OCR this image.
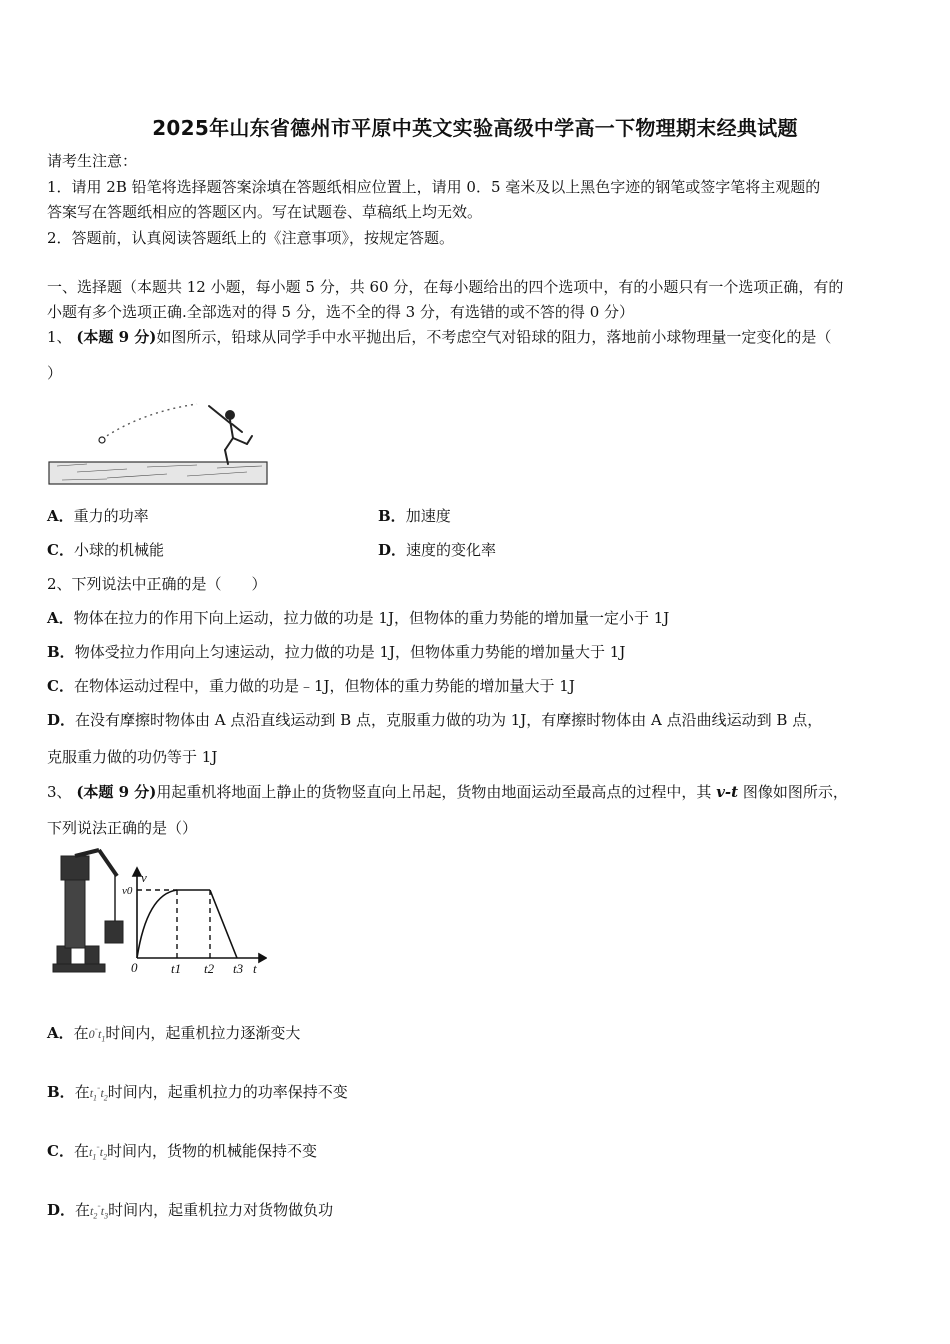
2025年山东省德州市平原中英文实验高级中学高一下物理期末经典试题
请考生注意：
1．请用 2B 铅笔将选择题答案涂填在答题纸相应位置上，请用 0．5 毫米及以上黑色字迹的钢笔或签字笔将主观题的
答案写在答题纸相应的答题区内。写在试题卷、草稿纸上均无效。
2．答题前，认真阅读答题纸上的《注意事项》，按规定答题。
一、选择题（本题共 12 小题，每小题 5 分，共 60 分，在每小题给出的四个选项中，有的小题只有一个选项正确，有的
小题有多个选项正确.全部选对的得 5 分，选不全的得 3 分，有选错的或不答的得 0 分）
1、 (本题 9 分)如图所示，铅球从同学手中水平抛出后，不考虑空气对铅球的阻力，落地前小球物理量一定变化的是（
）
A．重力的功率	B．加速度
C．小球的机械能	D．速度的变化率
2、下列说法中正确的是（　　）
A．物体在拉力的作用下向上运动，拉力做的功是 1J，但物体的重力势能的增加量一定小于 1J
B．物体受拉力作用向上匀速运动，拉力做的功是 1J，但物体重力势能的增加量大于 1J
C．在物体运动过程中，重力做的功是﹣1J，但物体的重力势能的增加量大于 1J
D．在没有摩擦时物体由 A 点沿直线运动到 B 点，克服重力做的功为 1J，有摩擦时物体由 A 点沿曲线运动到 B 点，
克服重力做的功仍等于 1J
3、 (本题 9 分)用起重机将地面上静止的货物竖直向上吊起，货物由地面运动至最高点的过程中，其 v-t 图像如图所示，
下列说法正确的是（）
v
v0
0	t1 t2 t3 t
A．在$0^-t_1$时间内，起重机拉力逐渐变大
B．在$t_1^-t_2$时间内，起重机拉力的功率保持不变
C．在$t_1^-t_2$时间内，货物的机械能保持不变
D．在$t_2^-t_3$时间内，起重机拉力对货物做负功
